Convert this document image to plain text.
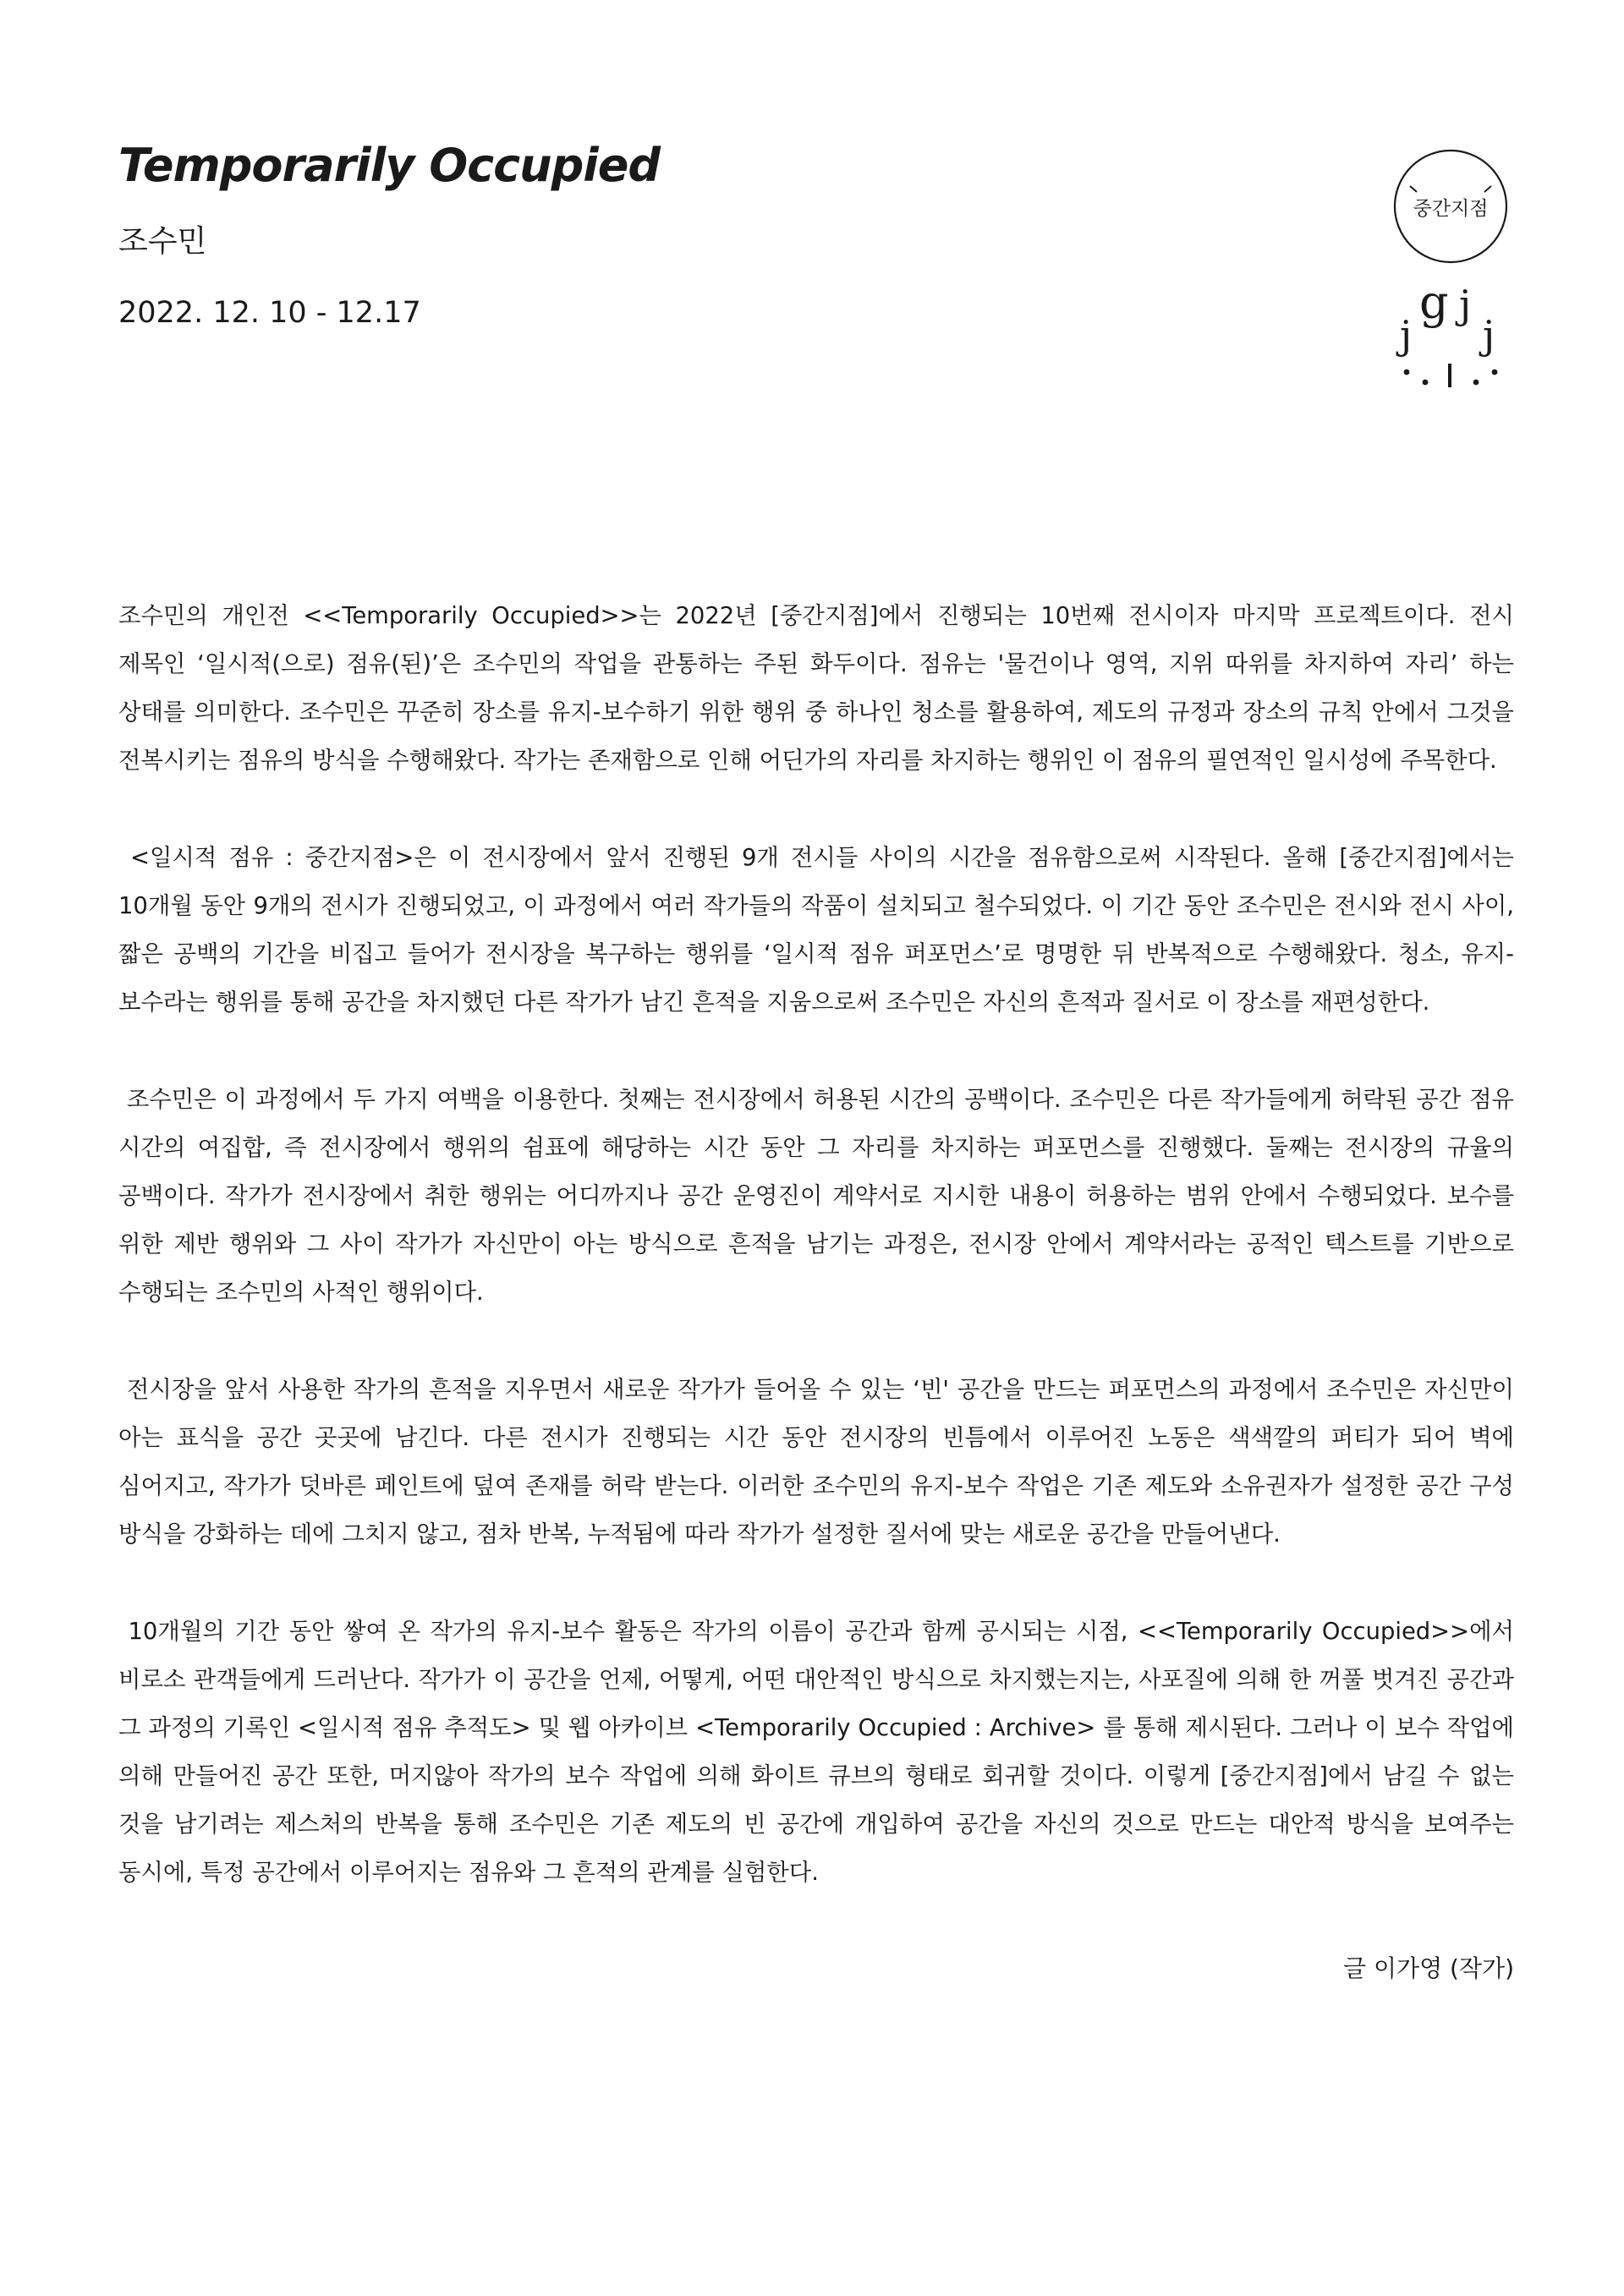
Temporarily Occupied
조수민
2022. 12. 10 - 12.17
중간지점
j
g j
j

조수민의 개인전 <<Temporarily Occupied>>는 2022년 [중간지점]에서 진행되는 10번째 전시이자 마지막 프로젝트이다. 전시 제목인 ‘일시적(으로) 점유(된)’은 조수민의 작업을 관통하는 주된 화두이다. 점유는 '물건이나 영역, 지위 따위를 차지하여 자리’ 하는 상태를 의미한다. 조수민은 꾸준히 장소를 유지-보수하기 위한 행위 중 하나인 청소를 활용하여, 제도의 규정과 장소의 규칙 안에서 그것을 전복시키는 점유의 방식을 수행해왔다. 작가는 존재함으로 인해 어딘가의 자리를 차지하는 행위인 이 점유의 필연적인 일시성에 주목한다.

<일시적 점유 : 중간지점>은 이 전시장에서 앞서 진행된 9개 전시들 사이의 시간을 점유함으로써 시작된다. 올해 [중간지점]에서는 10개월 동안 9개의 전시가 진행되었고, 이 과정에서 여러 작가들의 작품이 설치되고 철수되었다. 이 기간 동안 조수민은 전시와 전시 사이, 짧은 공백의 기간을 비집고 들어가 전시장을 복구하는 행위를 ‘일시적 점유 퍼포먼스’로 명명한 뒤 반복적으로 수행해왔다. 청소, 유지-보수라는 행위를 통해 공간을 차지했던 다른 작가가 남긴 흔적을 지움으로써 조수민은 자신의 흔적과 질서로 이 장소를 재편성한다.

조수민은 이 과정에서 두 가지 여백을 이용한다. 첫째는 전시장에서 허용된 시간의 공백이다. 조수민은 다른 작가들에게 허락된 공간 점유 시간의 여집합, 즉 전시장에서 행위의 쉼표에 해당하는 시간 동안 그 자리를 차지하는 퍼포먼스를 진행했다. 둘째는 전시장의 규율의 공백이다. 작가가 전시장에서 취한 행위는 어디까지나 공간 운영진이 계약서로 지시한 내용이 허용하는 범위 안에서 수행되었다. 보수를 위한 제반 행위와 그 사이 작가가 자신만이 아는 방식으로 흔적을 남기는 과정은, 전시장 안에서 계약서라는 공적인 텍스트를 기반으로 수행되는 조수민의 사적인 행위이다.

전시장을 앞서 사용한 작가의 흔적을 지우면서 새로운 작가가 들어올 수 있는 ‘빈' 공간을 만드는 퍼포먼스의 과정에서 조수민은 자신만이 아는 표식을 공간 곳곳에 남긴다. 다른 전시가 진행되는 시간 동안 전시장의 빈틈에서 이루어진 노동은 색색깔의 퍼티가 되어 벽에 심어지고, 작가가 덧바른 페인트에 덮여 존재를 허락 받는다. 이러한 조수민의 유지-보수 작업은 기존 제도와 소유권자가 설정한 공간 구성 방식을 강화하는 데에 그치지 않고, 점차 반복, 누적됨에 따라 작가가 설정한 질서에 맞는 새로운 공간을 만들어낸다.

10개월의 기간 동안 쌓여 온 작가의 유지-보수 활동은 작가의 이름이 공간과 함께 공시되는 시점, <<Temporarily Occupied>>에서 비로소 관객들에게 드러난다. 작가가 이 공간을 언제, 어떻게, 어떤 대안적인 방식으로 차지했는지는, 사포질에 의해 한 꺼풀 벗겨진 공간과 그 과정의 기록인 <일시적 점유 추적도> 및 웹 아카이브 <Temporarily Occupied : Archive> 를 통해 제시된다. 그러나 이 보수 작업에 의해 만들어진 공간 또한, 머지않아 작가의 보수 작업에 의해 화이트 큐브의 형태로 회귀할 것이다. 이렇게 [중간지점]에서 남길 수 없는 것을 남기려는 제스처의 반복을 통해 조수민은 기존 제도의 빈 공간에 개입하여 공간을 자신의 것으로 만드는 대안적 방식을 보여주는 동시에, 특정 공간에서 이루어지는 점유와 그 흔적의 관계를 실험한다.

글 이가영 (작가)
